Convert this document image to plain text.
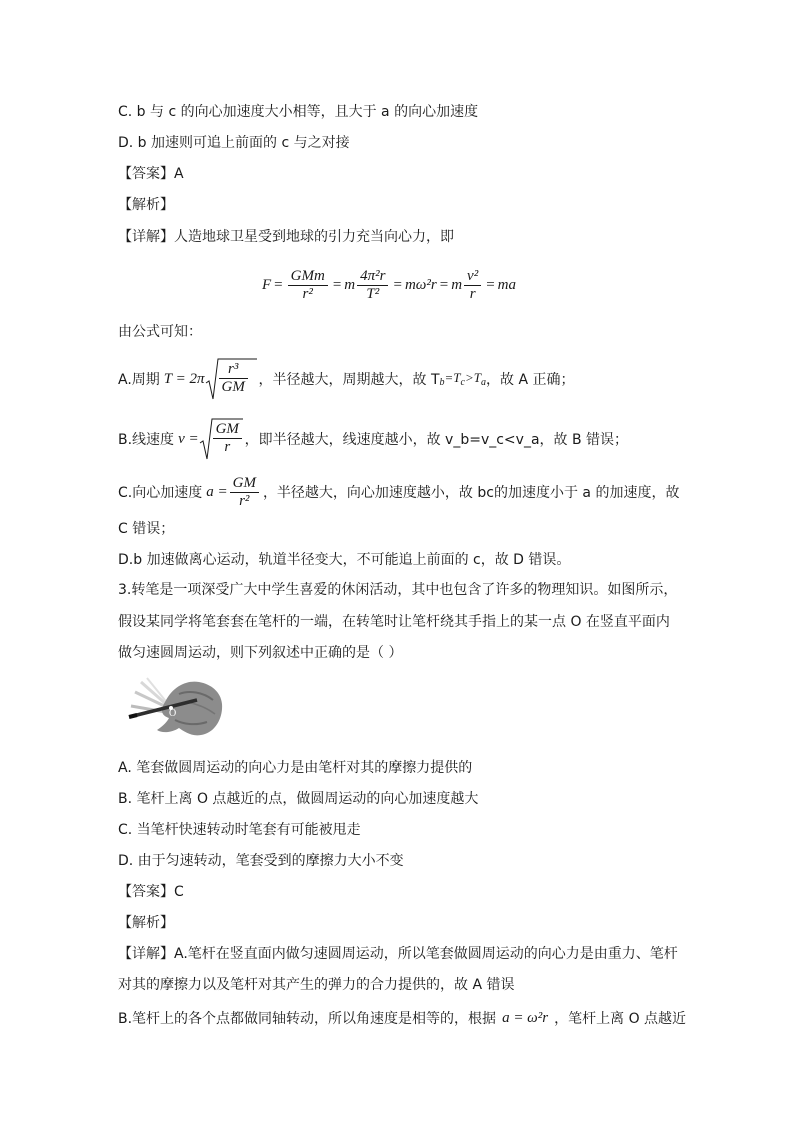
C. b 与 c 的向心加速度大小相等，且大于 a 的向心加速度
D. b 加速则可追上前面的 c 与之对接
【答案】A
【解析】
【详解】人造地球卫星受到地球的引力充当向心力，即
$F = \frac{\text{GMm}}{\text{r²}} = m \frac{\text{4π²r}}{\text{T²}} = m\omega^2r = m \frac{\text{v²}}{r}$ = ma
由公式可知：
A.周期 $T = 2\pi \frac{\text{r³}}{GM}$ ，半径越大，周期越大，故 T $_b=T_c>T_a$ ，故 A 正确；
B.线速度 $v = \frac{GM}{r}$ ，即半径越大，线速度越小，故 v_b=v_c<v_a，故 B 错误；
C.向心加速度 $a = \frac{GM}{\text{r²}}$ ，半径越大，向心加速度越小，故 bc的加速度小于 a 的加速度，故
C 错误；
D.b 加速做离心运动，轨道半径变大，不可能追上前面的 c，故 D 错误。
3.转笔是一项深受广大中学生喜爱的休闲活动，其中也包含了许多的物理知识。如图所示，
假设某同学将笔套套在笔杆的一端，在转笔时让笔杆绕其手指上的某一点 O 在竖直平面内
做匀速圆周运动，则下列叙述中正确的是（ ）
O
A. 笔套做圆周运动的向心力是由笔杆对其的摩擦力提供的
B. 笔杆上离 O 点越近的点，做圆周运动的向心加速度越大
C. 当笔杆快速转动时笔套有可能被甩走
D. 由于匀速转动，笔套受到的摩擦力大小不变
【答案】C
【解析】
【详解】A.笔杆在竖直面内做匀速圆周运动，所以笔套做圆周运动的向心力是由重力、笔杆
对其的摩擦力以及笔杆对其产生的弹力的合力提供的，故 A 错误
B.笔杆上的各个点都做同轴转动，所以角速度是相等的，根据 a = ω²r ，笔杆上离 O 点越近
